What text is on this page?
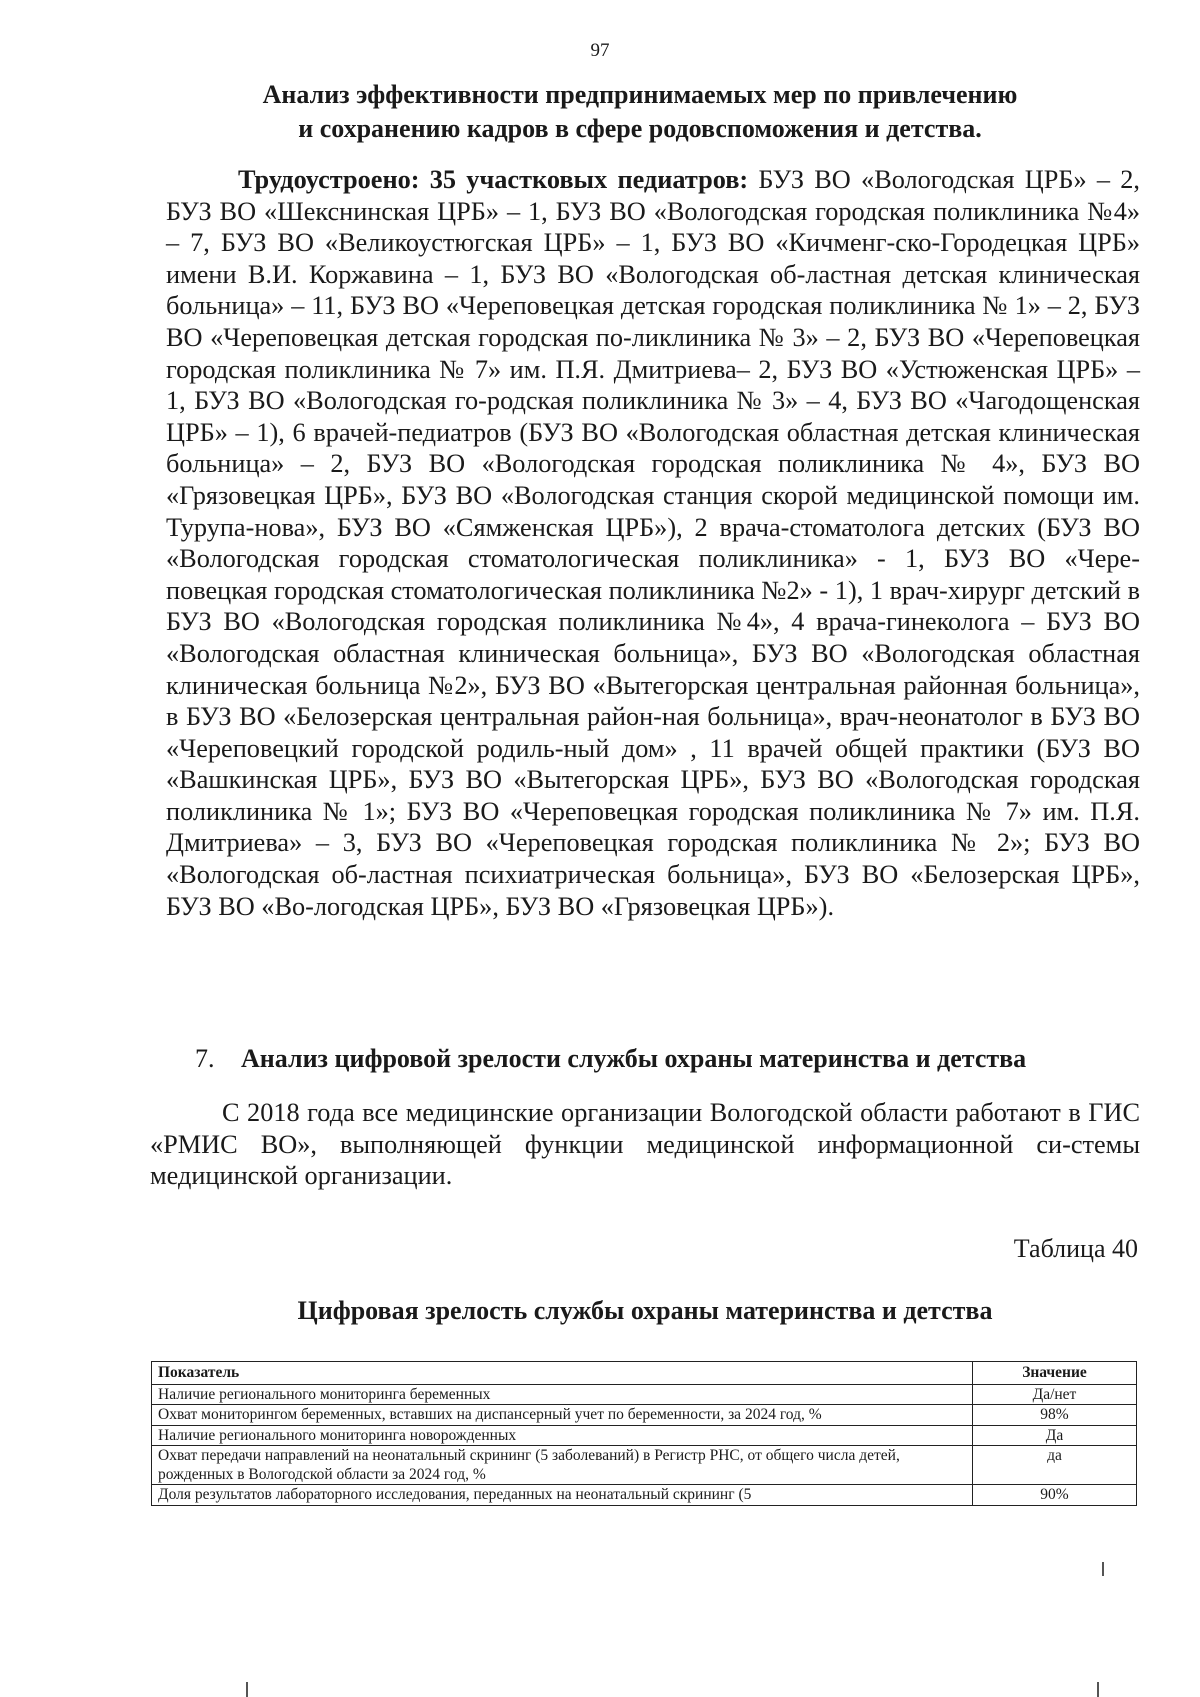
97
Анализ эффективности предпринимаемых мер по привлечению
и сохранению кадров в сфере родовспоможения и детства.

Трудоустроено: 35 участковых педиатров: БУЗ ВО «Вологодская ЦРБ» – 2, БУЗ ВО «Шекснинская ЦРБ» – 1, БУЗ ВО «Вологодская городская поликлиника №4» – 7, БУЗ ВО «Великоустюгская ЦРБ» – 1, БУЗ ВО «Кичменг-ско-Городецкая ЦРБ» имени В.И. Коржавина – 1, БУЗ ВО «Вологодская об-ластная детская клиническая больница» – 11, БУЗ ВО «Череповецкая детская городская поликлиника № 1» – 2, БУЗ ВО «Череповецкая детская городская по-ликлиника № 3» – 2, БУЗ ВО «Череповецкая городская поликлиника № 7» им. П.Я. Дмитриева– 2, БУЗ ВО «Устюженская ЦРБ» – 1, БУЗ ВО «Вологодская го-родская поликлиника № 3» – 4, БУЗ ВО «Чагодощенская ЦРБ» – 1), 6 врачей-педиатров (БУЗ ВО «Вологодская областная детская клиническая больница» – 2, БУЗ ВО «Вологодская городская поликлиника № 4», БУЗ ВО «Грязовецкая ЦРБ», БУЗ ВО «Вологодская станция скорой медицинской помощи им. Турупа-нова», БУЗ ВО «Сямженская ЦРБ»), 2 врача-стоматолога детских (БУЗ ВО «Вологодская городская стоматологическая поликлиника» - 1, БУЗ ВО «Чере-повецкая городская стоматологическая поликлиника №2» - 1), 1 врач-хирург детский в БУЗ ВО «Вологодская городская поликлиника №4», 4 врача-гинеколога – БУЗ ВО «Вологодская областная клиническая больница», БУЗ ВО «Вологодская областная клиническая больница №2», БУЗ ВО «Вытегорская центральная районная больница», в БУЗ ВО «Белозерская центральная район-ная больница», врач-неонатолог в БУЗ ВО «Череповецкий городской родиль-ный дом» , 11 врачей общей практики (БУЗ ВО «Вашкинская ЦРБ», БУЗ ВО «Вытегорская ЦРБ», БУЗ ВО «Вологодская городская поликлиника № 1»; БУЗ ВО «Череповецкая городская поликлиника № 7» им. П.Я. Дмитриева» – 3, БУЗ ВО «Череповецкая городская поликлиника № 2»; БУЗ ВО «Вологодская об-ластная психиатрическая больница», БУЗ ВО «Белозерская ЦРБ», БУЗ ВО «Во-логодская ЦРБ», БУЗ ВО «Грязовецкая ЦРБ»).

7. Анализ цифровой зрелости службы охраны материнства и детства

С 2018 года все медицинские организации Вологодской области работают в ГИС «РМИС ВО», выполняющей функции медицинской информационной си-стемы медицинской организации.

Таблица 40
Цифровая зрелость службы охраны материнства и детства
Показатель	Значение
Наличие регионального мониторинга беременных	Да/нет
Охват мониторингом беременных, вставших на диспансерный учет по беременности, за 2024 год, %	98%
Наличие регионального мониторинга новорожденных	Да
Охват передачи направлений на неонатальный скрининг (5 заболеваний) в Регистр РНС, от общего числа детей, рожденных в Вологодской области за 2024 год, %	да
Доля результатов лабораторного исследования, переданных на неонатальный скрининг (5	90%
